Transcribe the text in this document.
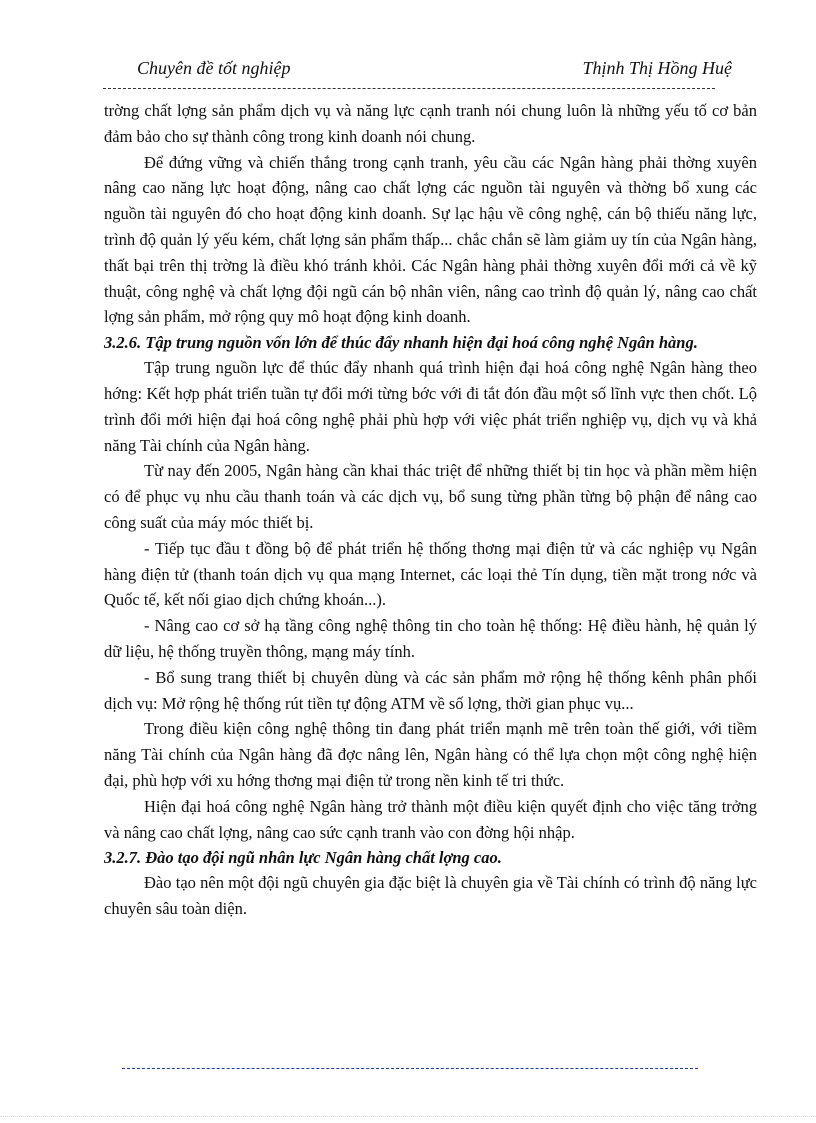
Chuyên đề tốt nghiệp	Thịnh Thị Hồng Huệ

trờng chất lợng sản phẩm dịch vụ và năng lực cạnh tranh nói chung luôn là những yếu tố cơ bản đảm bảo cho sự thành công trong kinh doanh nói chung.

Để đứng vững và chiến thắng trong cạnh tranh, yêu cầu các Ngân hàng phải thờng xuyên nâng cao năng lực hoạt động, nâng cao chất lợng các nguồn tài nguyên và thờng bổ xung các nguồn tài nguyên đó cho hoạt động kinh doanh. Sự lạc hậu về công nghệ, cán bộ thiếu năng lực, trình độ quản lý yếu kém, chất lợng sản phẩm thấp... chắc chắn sẽ làm giảm uy tín của Ngân hàng, thất bại trên thị trờng là điều khó tránh khỏi. Các Ngân hàng phải thờng xuyên đổi mới cả về kỹ thuật, công nghệ và chất lợng đội ngũ cán bộ nhân viên, nâng cao trình độ quản lý, nâng cao chất lợng sản phẩm, mở rộng quy mô hoạt động kinh doanh.

3.2.6. Tập trung nguồn vốn lớn để thúc đẩy nhanh hiện đại hoá công nghệ Ngân hàng.

Tập trung nguồn lực để thúc đẩy nhanh quá trình hiện đại hoá công nghệ Ngân hàng theo hớng: Kết hợp phát triển tuần tự đổi mới từng bớc với đi tắt đón đầu một số lĩnh vực then chốt. Lộ trình đổi mới hiện đại hoá công nghệ phải phù hợp với việc phát triển nghiệp vụ, dịch vụ và khả năng Tài chính của Ngân hàng.

Từ nay đến 2005, Ngân hàng cần khai thác triệt để những thiết bị tin học và phần mềm hiện có để phục vụ nhu cầu thanh toán và các dịch vụ, bổ sung từng phần từng bộ phận để nâng cao công suất của máy móc thiết bị.

- Tiếp tục đầu t đồng bộ để phát triển hệ thống thơng mại điện tử và các nghiệp vụ Ngân hàng điện tử (thanh toán dịch vụ qua mạng Internet, các loại thẻ Tín dụng, tiền mặt trong nớc và Quốc tế, kết nối giao dịch chứng khoán...).

- Nâng cao cơ sở hạ tầng công nghệ thông tin cho toàn hệ thống: Hệ điều hành, hệ quản lý dữ liệu, hệ thống truyền thông, mạng máy tính.

- Bổ sung trang thiết bị chuyên dùng và các sản phẩm mở rộng hệ thống kênh phân phối dịch vụ: Mở rộng hệ thống rút tiền tự động ATM về số lợng, thời gian phục vụ...

Trong điều kiện công nghệ thông tin đang phát triển mạnh mẽ trên toàn thế giới, với tiềm năng Tài chính của Ngân hàng đã đợc nâng lên, Ngân hàng có thể lựa chọn một công nghệ hiện đại, phù hợp với xu hớng thơng mại điện tử trong nền kinh tế tri thức.

Hiện đại hoá công nghệ Ngân hàng trở thành một điều kiện quyết định cho việc tăng trởng và nâng cao chất lợng, nâng cao sức cạnh tranh vào con đờng hội nhập.

3.2.7. Đào tạo đội ngũ nhân lực Ngân hàng chất lợng cao.

Đào tạo nên một đội ngũ chuyên gia đặc biệt là chuyên gia về Tài chính có trình độ năng lực chuyên sâu toàn diện.
